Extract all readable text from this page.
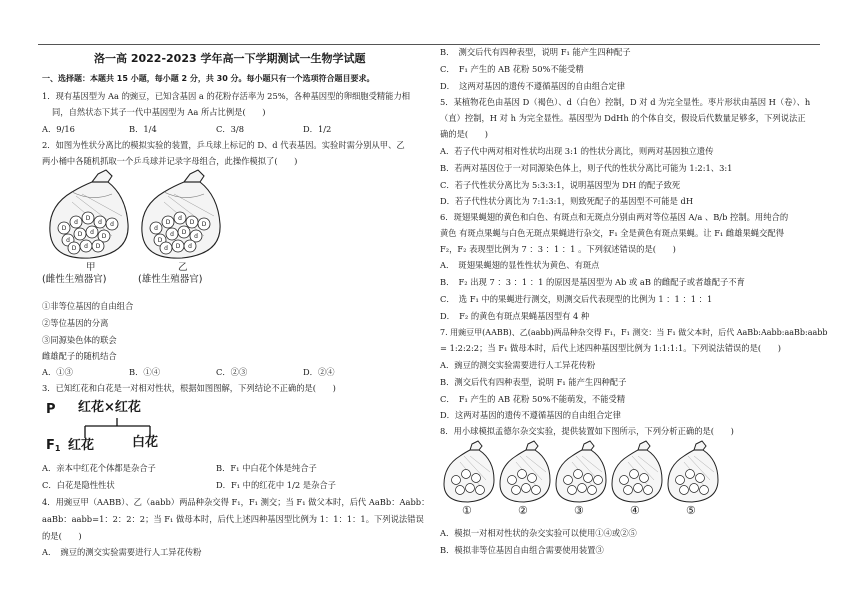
洛一高 2022-2023 学年高一下学期测试一生物学试题
一、选择题：本题共 15 小题，每小题 2 分，共 30 分。每小题只有一个选项符合题目要求。
1．现有基因型为 Aa 的豌豆，已知含基因 a 的花粉存活率为 25%，各种基因型的卵细胞受精能力相
同，自然状态下其子一代中基因型为 Aa 所占比例是(　　)
A．9/16	B．1/4	C．3/8	D．1/2
2．如图为性状分离比的模拟实验的装置，乒乓球上标记的 D、d 代表基因。实验时需分别从甲、乙
两小桶中各随机抓取一个乒乓球并记录字母组合，此操作模拟了(　　)
D
d
D
d
d
D d
D
D d D
d
d
D
d
D
D
d D
d
d D d
D
甲	乙
(雌性生殖器官)	(雄性生殖器官)
①非等位基因的自由组合
②等位基因的分离
③同源染色体的联会
雌雄配子的随机结合
A．①③	B．①④	C．②③	D．②④
3．已知红花和白花是一对相对性状，根据如图图解，下列结论不正确的是(　　)
P 红花×红花
$F_1$ 红花	白花
A．亲本中红花个体都是杂合子	B．F₁ 中白花个体是纯合子
C．白花是隐性性状	D．F₁ 中的红花中 1/2 是杂合子
4．用豌豆甲（AABB）、乙（aabb）两品种杂交得 F₁，F₁ 测交；当 F₁ 做父本时，后代 AaBb：Aabb：
aaBb：aabb=1：2：2：2；当 F₁ 做母本时，后代上述四种基因型比例为 1：1：1：1。下列说法错误
的是(　　)
A．　豌豆的测交实验需要进行人工异花传粉
B．　测交后代有四种表型，说明 F₁ 能产生四种配子
C．　F₁ 产生的 AB 花粉 50%不能受精
D．　这两对基因的遗传不遵循基因的自由组合定律
5．某植物花色由基因 D（褐色）、d（白色）控制，D 对 d 为完全显性。枣片形状由基因 H（卷）、h
（直）控制，H 对 h 为完全显性。基因型为 DdHh 的个体自交，假设后代数量足够多，下列说法正
确的是(　　)
A．若子代中两对相对性状均出现 3:1 的性状分离比，则两对基因独立遗传
B．若两对基因位于一对同源染色体上，则子代的性状分离比可能为 1:2:1、3:1
C．若子代性状分离比为 5:3:3:1，说明基因型为 DH 的配子致死
D．若子代性状分离比为 7:1:3:1，则致死配子的基因型不可能是 dH
6．斑翅果蝇翅的黄色和白色、有斑点和无斑点分别由两对等位基因 A/a 、B/b 控制。用纯合的
黄色 有斑点果蝇与白色无斑点果蝇进行杂交，F₁ 全是黄色有斑点果蝇。让 F₁ 雌雄果蝇交配得
F₂，F₂ 表现型比例为 7 ：3 ：1 ：1 。下列叙述错误的是(　　)
A．　斑翅果蝇翅的显性性状为黄色、有斑点
B．　F₂ 出现 7 ：3 ：1 ：1 的原因是基因型为 Ab 或 aB 的雌配子或者雄配子不育
C．　选 F₁ 中的果蝇进行测交，则测交后代表现型的比例为 1 ：1 ：1 ：1
D．　F₂ 的黄色有斑点果蝇基因型有 4 种
7. 用豌豆甲(AABB)、乙(aabb)两品种杂交得 F₁，F₁ 测交：当 F₁ 做父本时，后代 AaBb:Aabb:aaBb:aabb
= 1:2:2:2；当 F₁ 做母本时，后代上述四种基因型比例为 1:1:1:1。下列说法错误的是(　　)
A．豌豆的测交实验需要进行人工异花传粉
B．测交后代有四种表型，说明 F₁ 能产生四种配子
C．　F₁ 产生的 AB 花粉 50%不能萌发，不能受精
D．这两对基因的遗传不遵循基因的自由组合定律
8．用小球模拟孟德尔杂交实验，提供装置如下图所示，下列分析正确的是(　　)
①	②	③	④	⑤
A．模拟一对相对性状的杂交实验可以使用①④或②⑤
B．模拟非等位基因自由组合需要使用装置③
